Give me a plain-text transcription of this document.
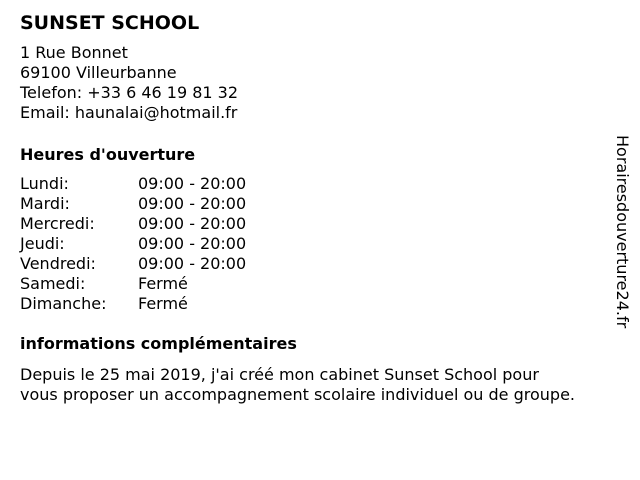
SUNSET SCHOOL
1 Rue Bonnet
69100 Villeurbanne
Telefon: +33 6 46 19 81 32
Email: haunalai@hotmail.fr
Heures d'ouverture
Lundi:	09:00 - 20:00
Mardi:	09:00 - 20:00
Mercredi:	09:00 - 20:00
Jeudi:	09:00 - 20:00
Vendredi:	09:00 - 20:00
Samedi:	Fermé
Dimanche: Fermé
informations complémentaires
Depuis le 25 mai 2019, j'ai créé mon cabinet Sunset School pour
vous proposer un accompagnement scolaire individuel ou de groupe.
Horairesdouverture24.fr
